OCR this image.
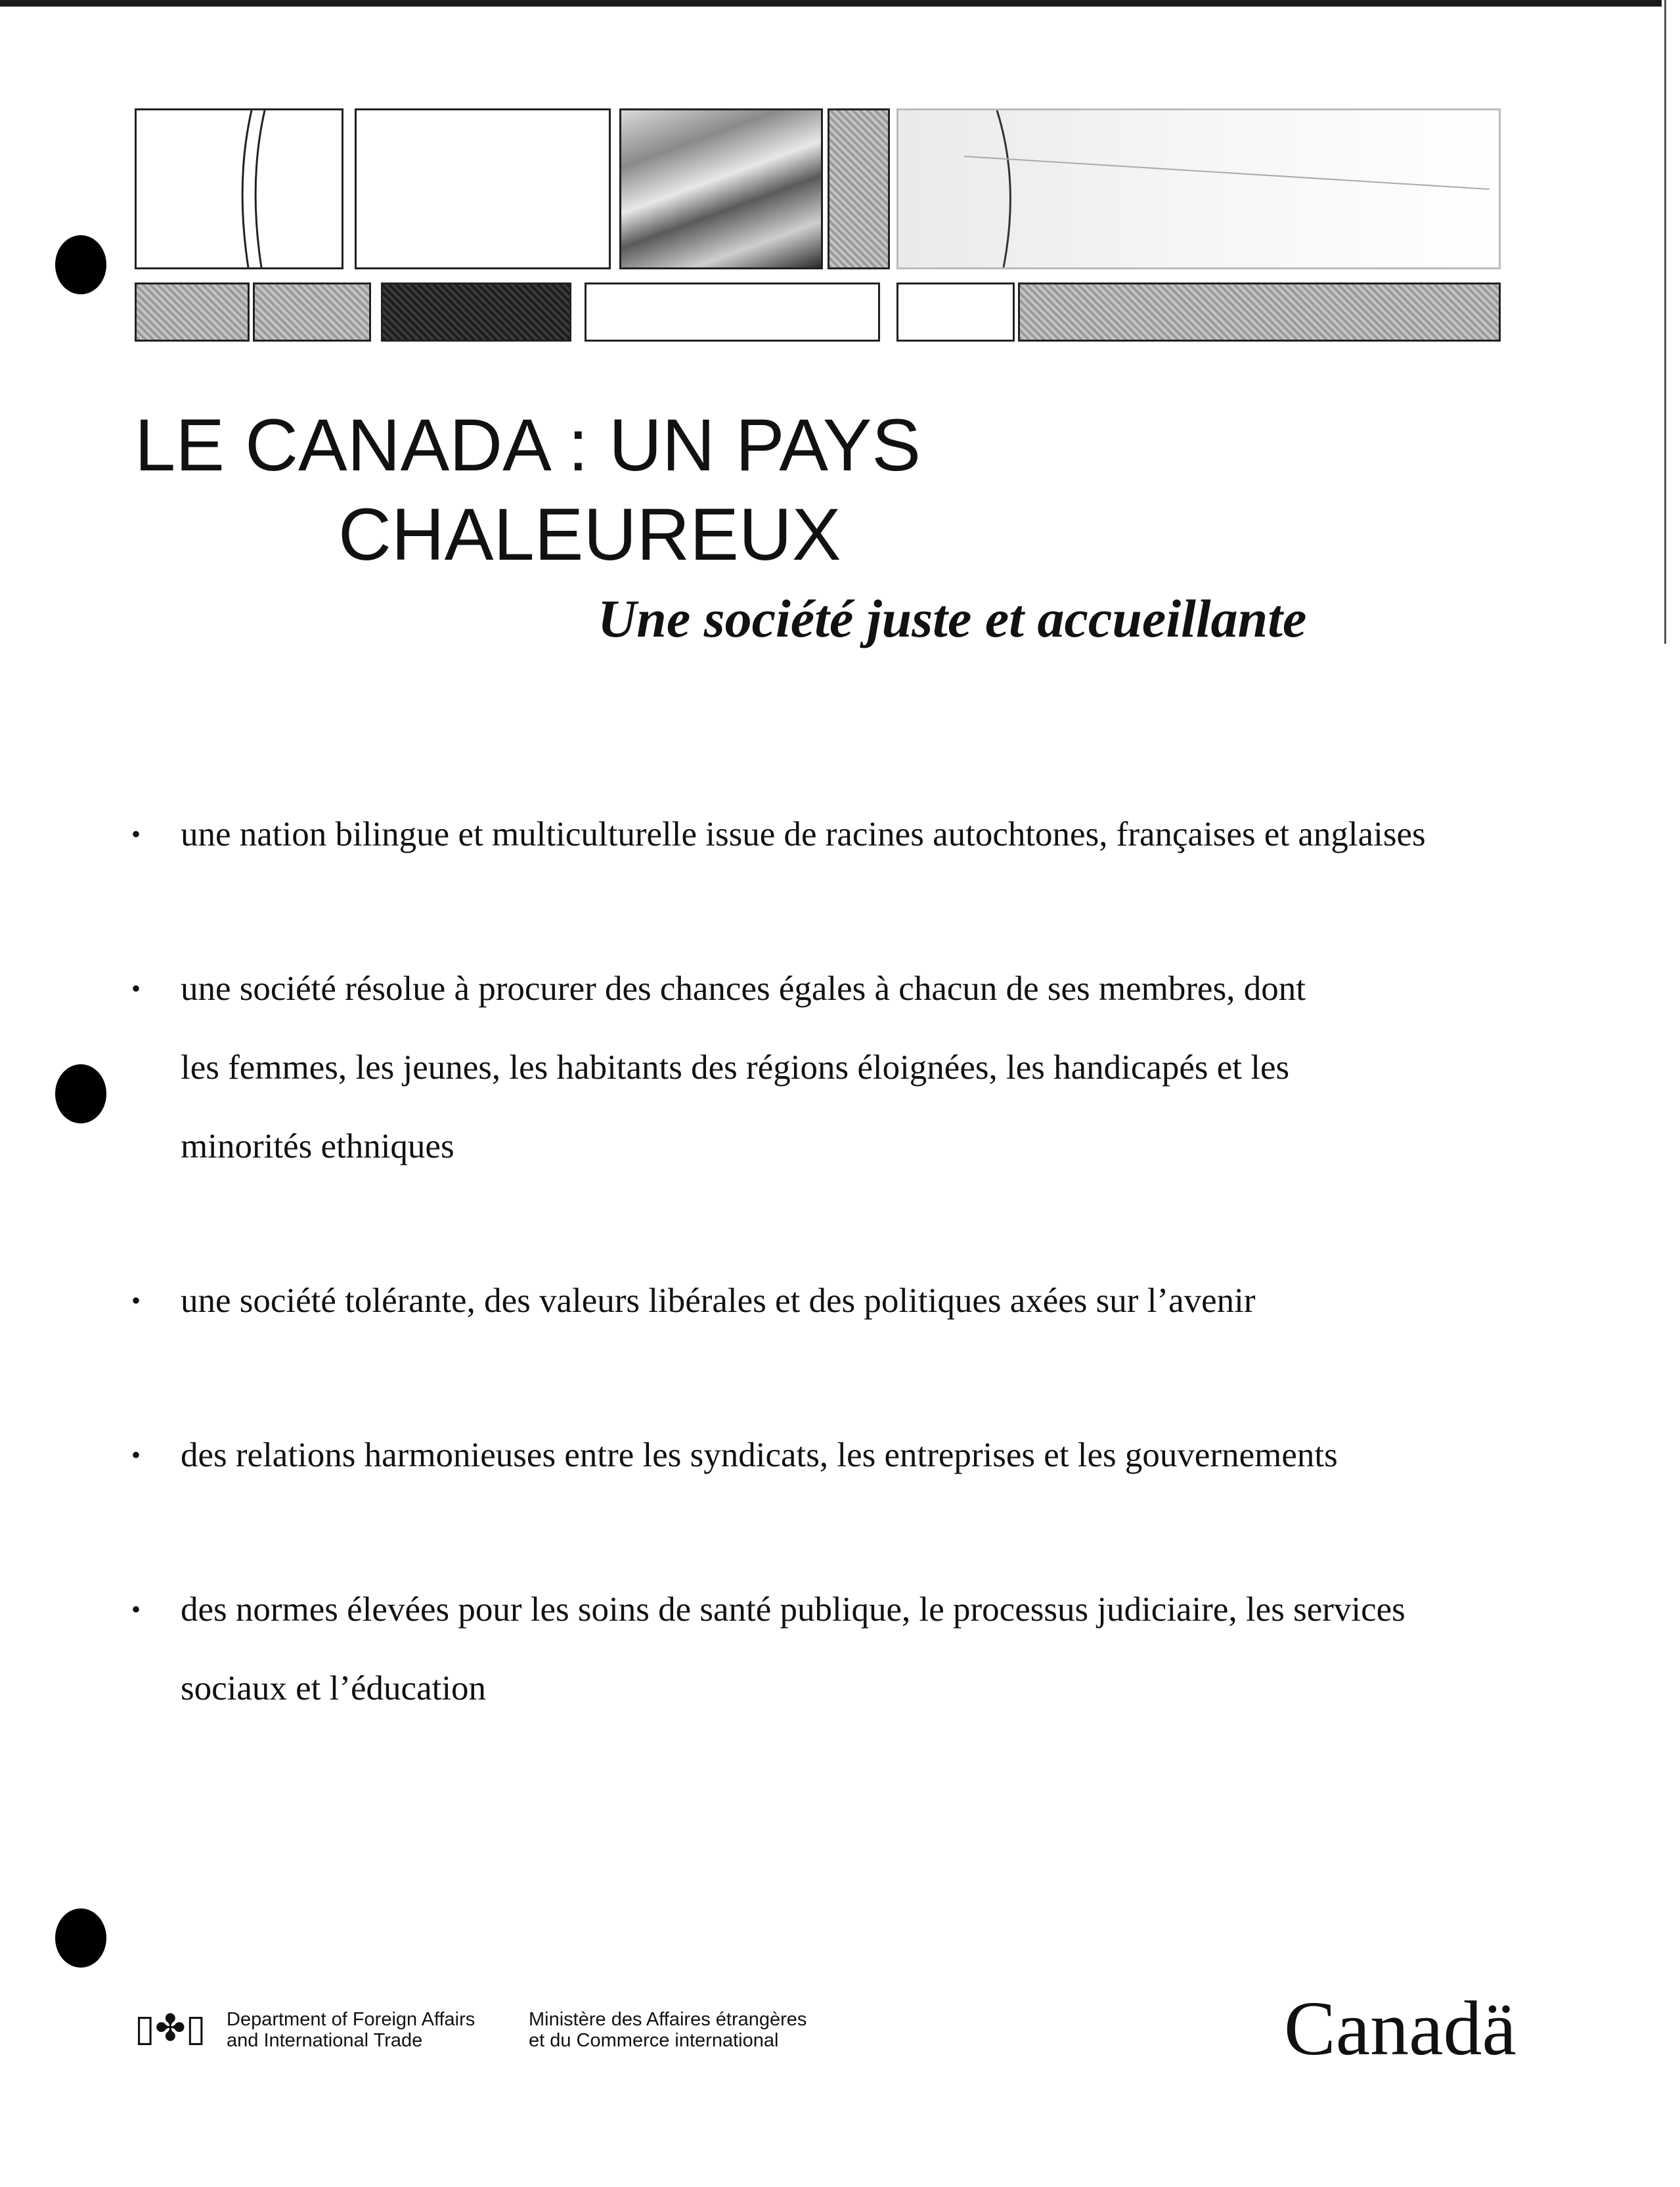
LE CANADA : UN PAYS
CHALEUREUX
Une société juste et accueillante
• une nation bilingue et multiculturelle issue de racines autochtones, françaises et anglaises
• une société résolue à procurer des chances égales à chacun de ses membres, dont
les femmes, les jeunes, les habitants des régions éloignées, les handicapés et les
minorités ethniques
• une société tolérante, des valeurs libérales et des politiques axées sur l’avenir
• des relations harmonieuses entre les syndicats, les entreprises et les gouvernements
• des normes élevées pour les soins de santé publique, le processus judiciaire, les services
sociaux et l’éducation
▯✤▯ Department of Foreign Affairs
and International Trade
Ministère des Affaires étrangères
et du Commerce international	Canadä
